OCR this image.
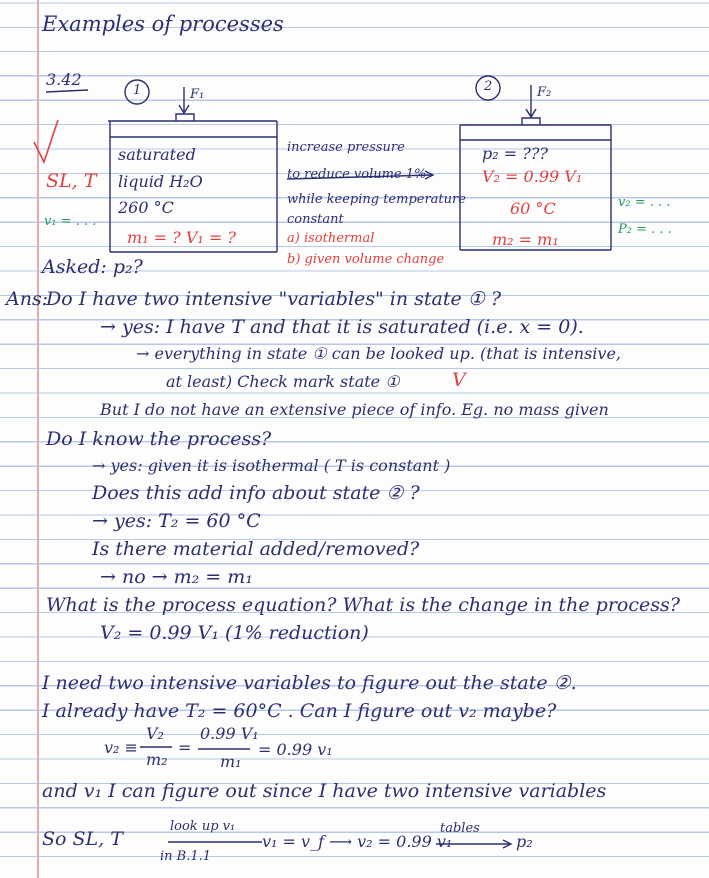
Examples of processes
3.42
1	2
F₁	F₂
SL, T
v₁ = . . .
saturated
liquid H₂O
260 °C
m₁ = ? V₁ = ?
increase pressure
to reduce volume 1%
while keeping temperature
constant
a) isothermal
b) given volume change
p₂ = ???
V₂ = 0.99 V₁
60 °C
m₂ = m₁
v₂ = . . .
P₂ = . . .
Asked: p₂?
Ans:
Do I have two intensive "variables" in state ① ?
→ yes: I have T and that it is saturated (i.e. x = 0).
→ everything in state ① can be looked up. (that is intensive,
at least) Check mark state ①	V
But I do not have an extensive piece of info. Eg. no mass given
Do I know the process?
→ yes: given it is isothermal ( T is constant )
Does this add info about state ② ?
→ yes: T₂ = 60 °C
Is there material added/removed?
→ no → m₂ = m₁
What is the process equation? What is the change in the process?
V₂ = 0.99 V₁ (1% reduction)
I need two intensive variables to figure out the state ②.
I already have T₂ = 60°C . Can I figure out v₂ maybe?
v₂ ≡
V₂
m₂
=
0.99 V₁
m₁
= 0.99 v₁
and v₁ I can figure out since I have two intensive variables
So SL, T
look up v₁
in B.1.1
v₁ = v_f ⟶ v₂ = 0.99 v₁
tables
p₂
